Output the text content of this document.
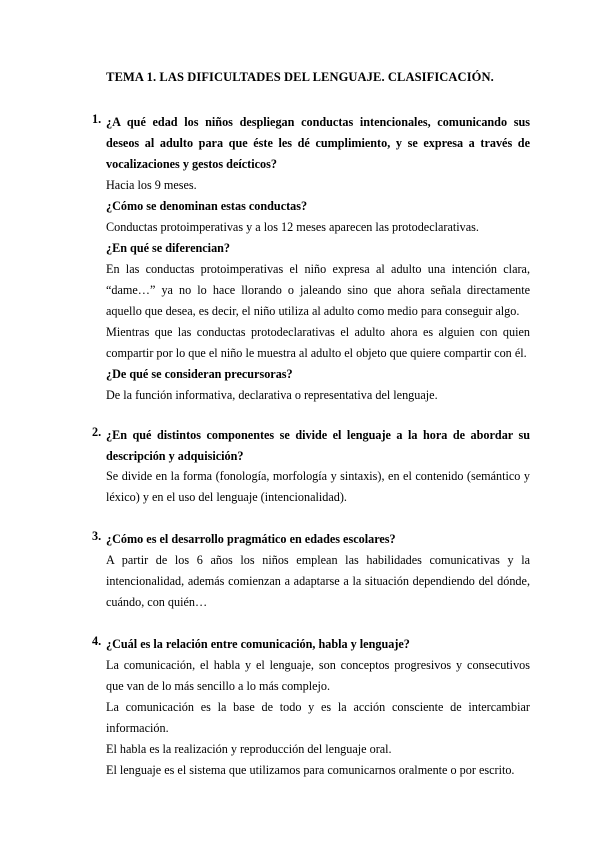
TEMA 1. LAS DIFICULTADES DEL LENGUAJE. CLASIFICACIÓN.
1. ¿A qué edad los niños despliegan conductas intencionales, comunicando sus deseos al adulto para que éste les dé cumplimiento, y se expresa a través de vocalizaciones y gestos deícticos?

Hacia los 9 meses.

¿Cómo se denominan estas conductas?

Conductas protoimperativas y a los 12 meses aparecen las protodeclarativas.

¿En qué se diferencian?

En las conductas protoimperativas el niño expresa al adulto una intención clara, “dame…” ya no lo hace llorando o jaleando sino que ahora señala directamente aquello que desea, es decir, el niño utiliza al adulto como medio para conseguir algo.

Mientras que las conductas protodeclarativas el adulto ahora es alguien con quien compartir por lo que el niño le muestra al adulto el objeto que quiere compartir con él.

¿De qué se consideran precursoras?

De la función informativa, declarativa o representativa del lenguaje.

2. ¿En qué distintos componentes se divide el lenguaje a la hora de abordar su descripción y adquisición?

Se divide en la forma (fonología, morfología y sintaxis), en el contenido (semántico y léxico) y en el uso del lenguaje (intencionalidad).

3. ¿Cómo es el desarrollo pragmático en edades escolares?

A partir de los 6 años los niños emplean las habilidades comunicativas y la intencionalidad, además comienzan a adaptarse a la situación dependiendo del dónde, cuándo, con quién…

4. ¿Cuál es la relación entre comunicación, habla y lenguaje?

La comunicación, el habla y el lenguaje, son conceptos progresivos y consecutivos que van de lo más sencillo a lo más complejo.

La comunicación es la base de todo y es la acción consciente de intercambiar información.

El habla es la realización y reproducción del lenguaje oral.

El lenguaje es el sistema que utilizamos para comunicarnos oralmente o por escrito.
